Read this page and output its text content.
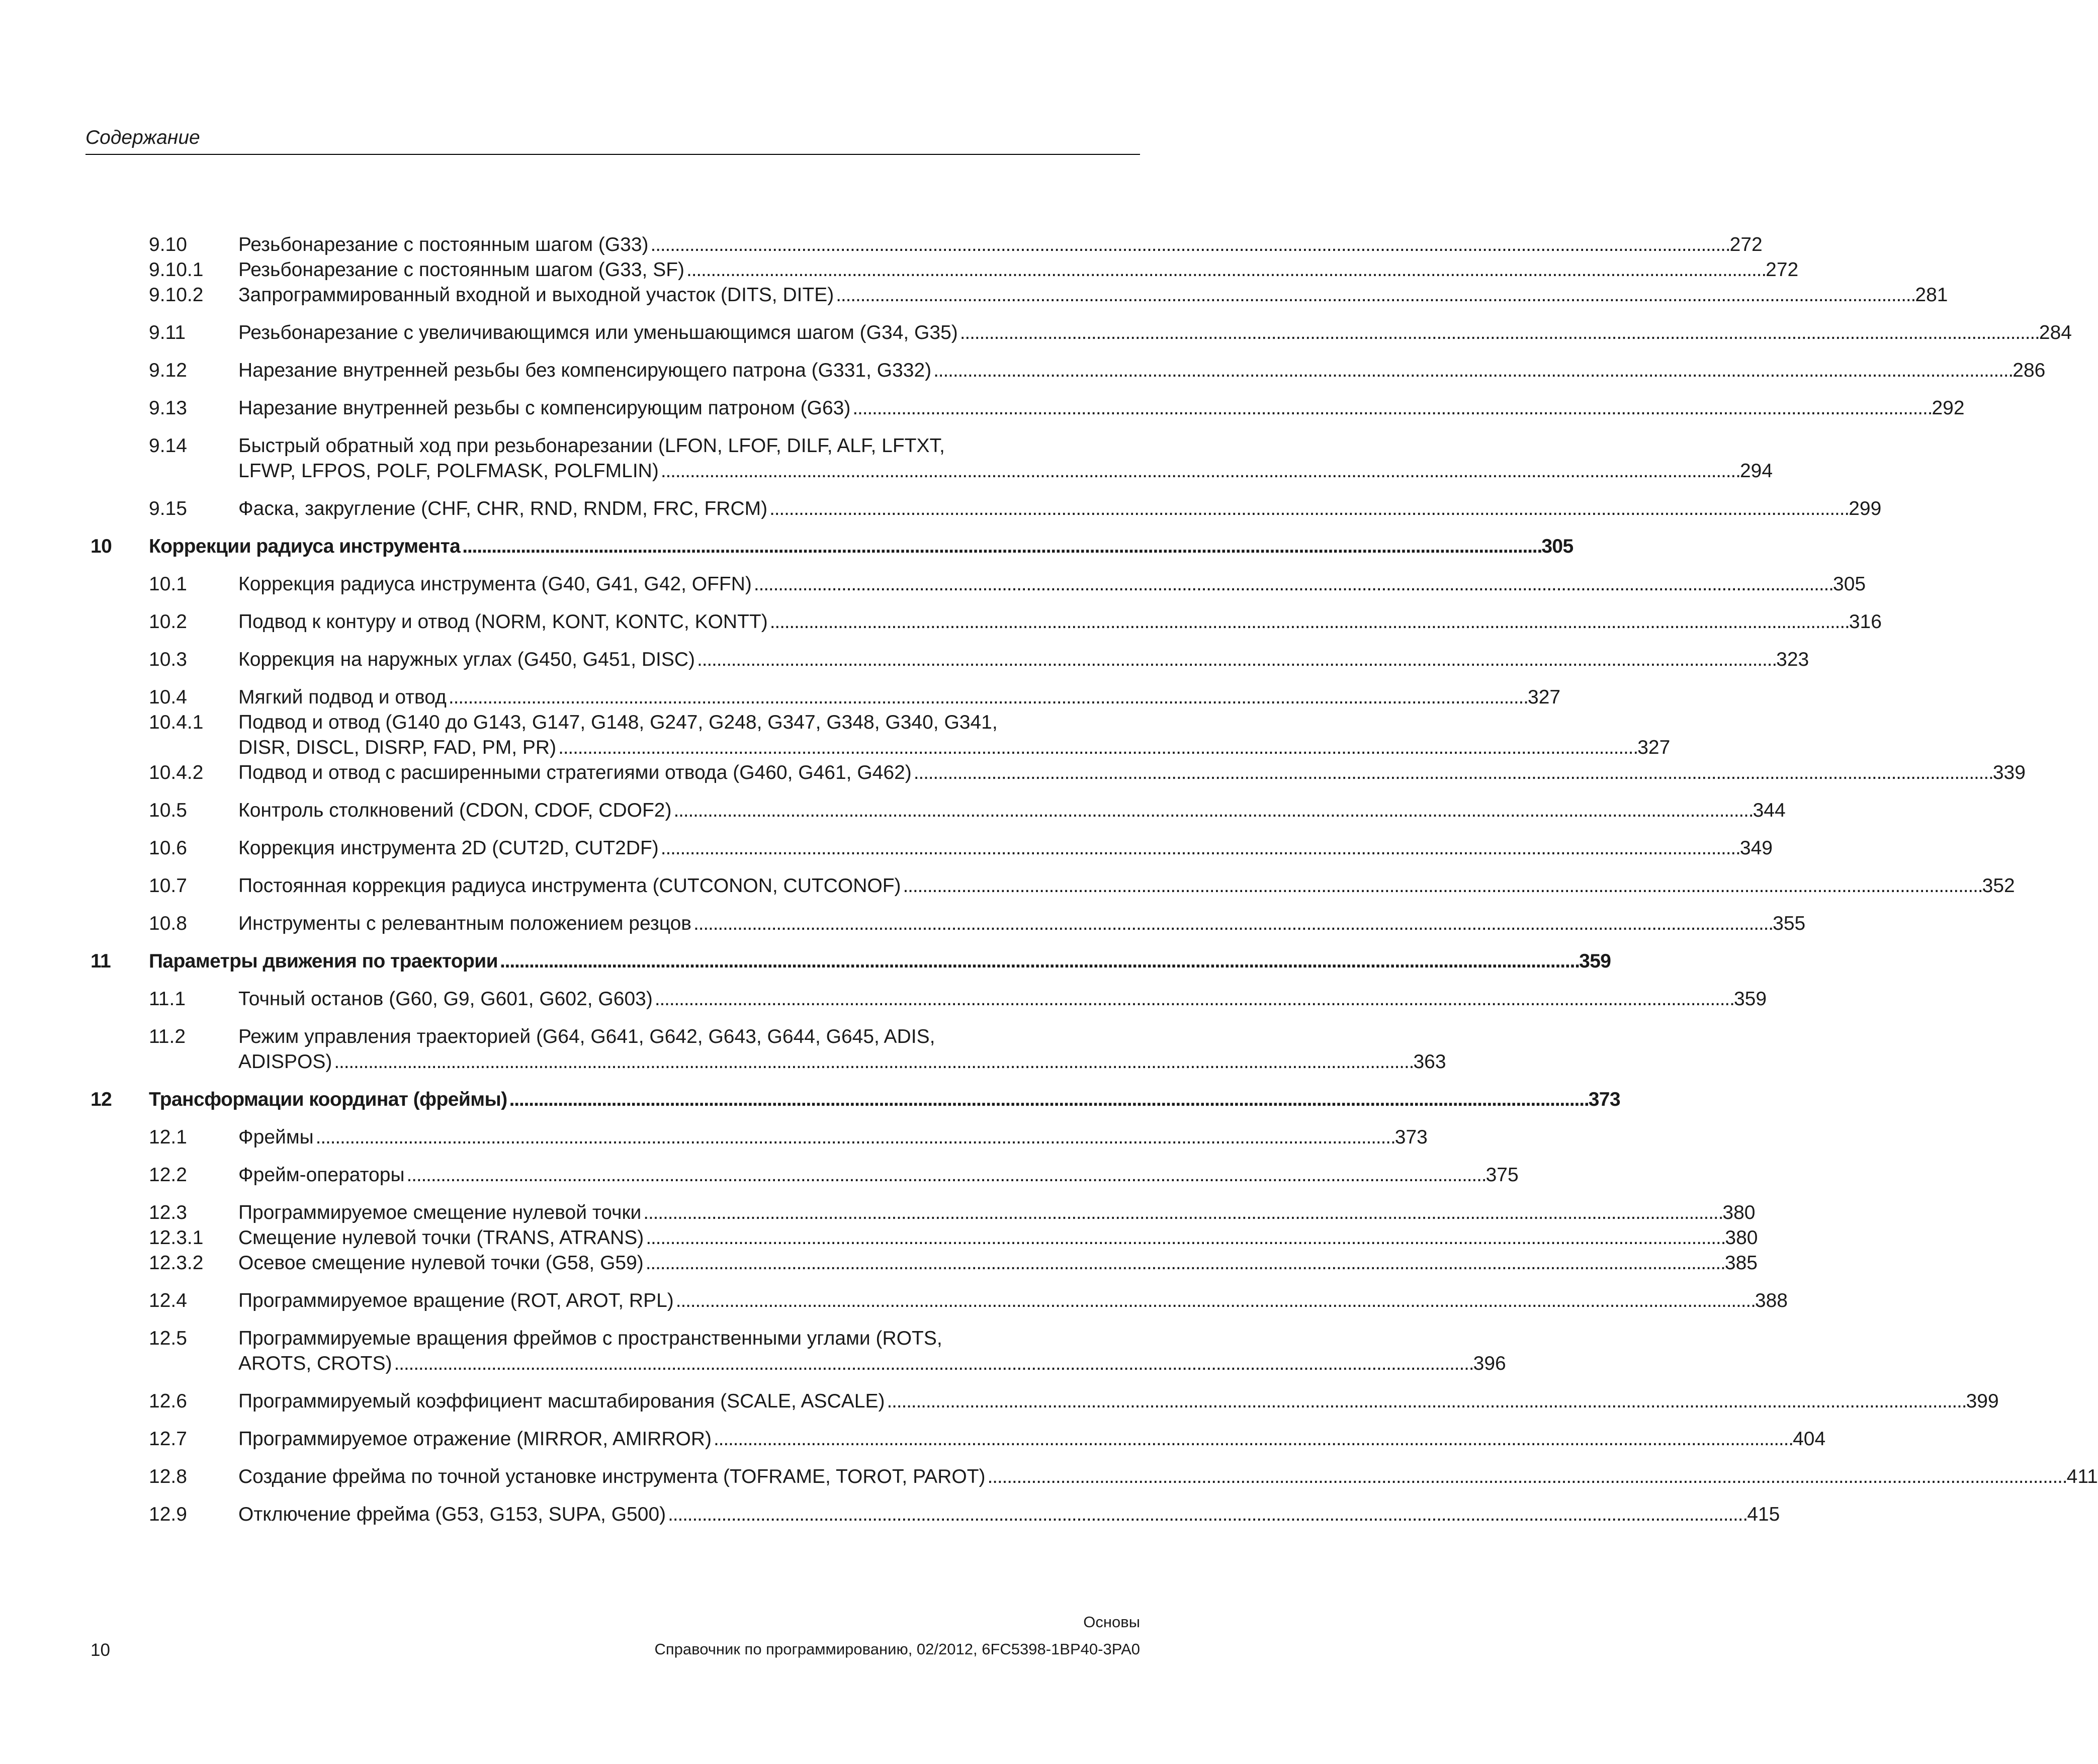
Содержание
9.10	Резьбонарезание с постоянным шагом (G33) . . .	272
9.10.1 Резьбонарезание с постоянным шагом (G33, SF) . . .	272
9.10.2 Запрограммированный входной и выходной участок (DITS, DITE) . . .	281
9.11	Резьбонарезание с увеличивающимся или уменьшающимся шагом (G34, G35) . . .	284
9.12	Нарезание внутренней резьбы без компенсирующего патрона (G331, G332) . . .	286
9.13	Нарезание внутренней резьбы с компенсирующим патроном (G63) . . .	292
9.14	Быстрый обратный ход при резьбонарезании (LFON, LFOF, DILF, ALF, LFTXT,
LFWP, LFPOS, POLF, POLFMASK, POLFMLIN) . . .	294
9.15	Фаска, закругление (CHF, CHR, RND, RNDM, FRC, FRCM) . . .	299
10 Коррекции радиуса инструмента . . .	305
10.1	Коррекция радиуса инструмента (G40, G41, G42, OFFN) . . .	305
10.2	Подвод к контуру и отвод (NORM, KONT, KONTC, KONTT) . . .	316
10.3	Коррекция на наружных углах (G450, G451, DISC) . . .	323
10.4	Мягкий подвод и отвод . . .	327
10.4.1 Подвод и отвод (G140 до G143, G147, G148, G247, G248, G347, G348, G340, G341,
DISR, DISCL, DISRP, FAD, PM, PR) . . .	327
10.4.2 Подвод и отвод с расширенными стратегиями отвода (G460, G461, G462) . . .	339
10.5	Контроль столкновений (CDON, CDOF, CDOF2) . . .	344
10.6	Коррекция инструмента 2D (CUT2D, CUT2DF) . . .	349
10.7	Постоянная коррекция радиуса инструмента (CUTCONON, CUTCONOF) . . .	352
10.8	Инструменты с релевантным положением резцов . . .	355
11 Параметры движения по траектории . . .	359
11.1	Точный останов (G60, G9, G601, G602, G603) . . .	359
11.2	Режим управления траекторией (G64, G641, G642, G643, G644, G645, ADIS,
ADISPOS) . . .	363
12 Трансформации координат (фреймы) . . .	373
12.1	Фреймы . . .	373
12.2	Фрейм-операторы . . .	375
12.3	Программируемое смещение нулевой точки . . .	380
12.3.1 Смещение нулевой точки (TRANS, ATRANS) . . .	380
12.3.2 Осевое смещение нулевой точки (G58, G59) . . .	385
12.4	Программируемое вращение (ROT, AROT, RPL) . . .	388
12.5	Программируемые вращения фреймов с пространственными углами (ROTS,
AROTS, CROTS) . . .	396
12.6	Программируемый коэффициент масштабирования (SCALE, ASCALE) . . .	399
12.7	Программируемое отражение (MIRROR, AMIRROR) . . .	404
12.8	Создание фрейма по точной установке инструмента (TOFRAME, TOROT, PAROT) . . .	411
12.9	Отключение фрейма (G53, G153, SUPA, G500) . . .	415
Основы
Справочник по программированию, 02/2012, 6FC5398-1BP40-3PA0
10
